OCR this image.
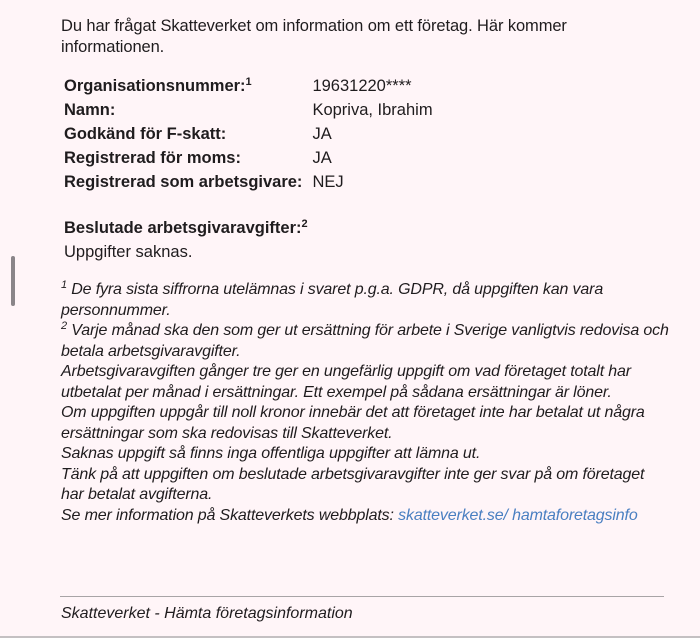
Du har frågat Skatteverket om information om ett företag. Här kommer informationen.

Organisationsnummer:$^1$	19631220****
Namn:	Kopriva, Ibrahim
Godkänd för F-skatt:	JA
Registrerad för moms:	JA
Registrerad som arbetsgivare:	NEJ
Beslutade arbetsgivaravgifter:$^2$
Uppgifter saknas.

$^1$ De fyra sista siffrorna utelämnas i svaret p.g.a. GDPR, då uppgiften kan vara personnummer.

$^2$ Varje månad ska den som ger ut ersättning för arbete i Sverige vanligtvis redovisa och betala arbetsgivaravgifter.

Arbetsgivaravgiften gånger tre ger en ungefärlig uppgift om vad företaget totalt har utbetalat per månad i ersättningar. Ett exempel på sådana ersättningar är löner.

Om uppgiften uppgår till noll kronor innebär det att företaget inte har betalat ut några ersättningar som ska redovisas till Skatteverket.

Saknas uppgift så finns inga offentliga uppgifter att lämna ut.

Tänk på att uppgiften om beslutade arbetsgivaravgifter inte ger svar på om företaget har betalat avgifterna.

Se mer information på Skatteverkets webbplats: skatteverket.se/ hamtaforetagsinfo

Skatteverket - Hämta företagsinformation
